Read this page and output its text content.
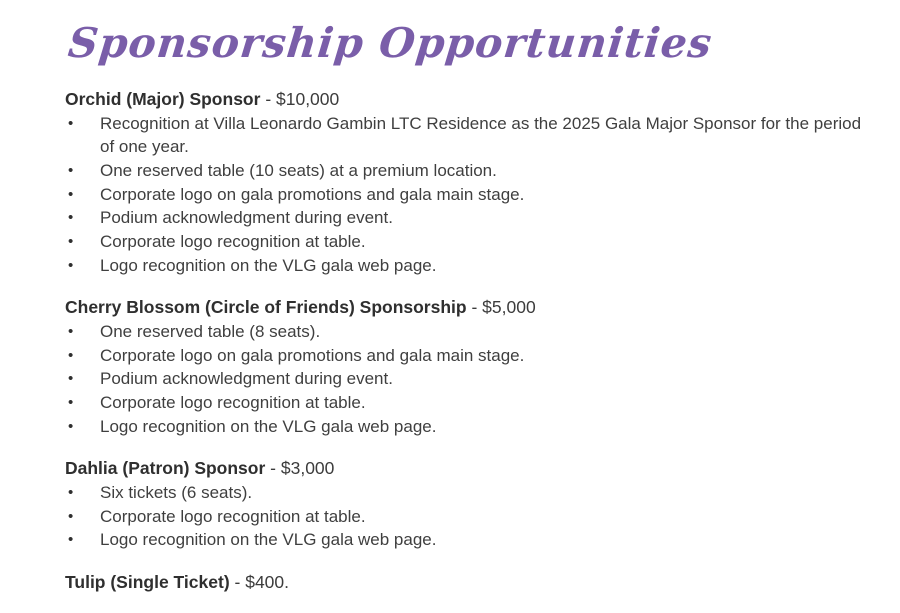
Sponsorship Opportunities

Orchid (Major) Sponsor - $10,000

•	Recognition at Villa Leonardo Gambin LTC Residence as the 2025 Gala Major Sponsor for the period of one year.
•	One reserved table (10 seats) at a premium location.
•	Corporate logo on gala promotions and gala main stage.
•	Podium acknowledgment during event.
•	Corporate logo recognition at table.
•	Logo recognition on the VLG gala web page.

Cherry Blossom (Circle of Friends) Sponsorship - $5,000

•	One reserved table (8 seats).
•	Corporate logo on gala promotions and gala main stage.
•	Podium acknowledgment during event.
•	Corporate logo recognition at table.
•	Logo recognition on the VLG gala web page.

Dahlia (Patron) Sponsor - $3,000

•	Six tickets (6 seats).
•	Corporate logo recognition at table.
•	Logo recognition on the VLG gala web page.

Tulip (Single Ticket) - $400.
